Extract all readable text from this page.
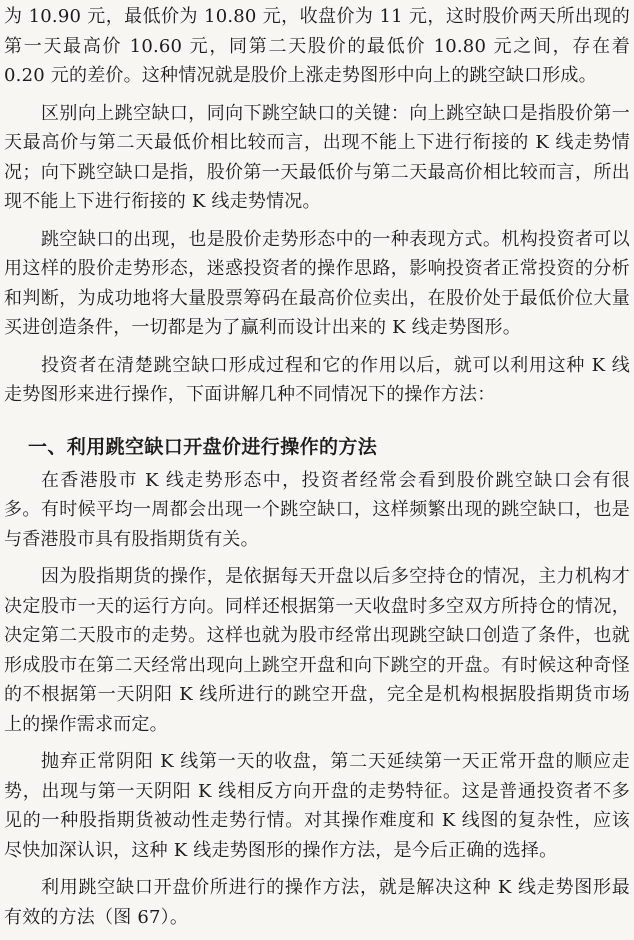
为 10.90 元，最低价为 10.80 元，收盘价为 11 元，这时股价两天所出现的第一天最高价 10.60 元，同第二天股价的最低价 10.80 元之间，存在着 0.20 元的差价。这种情况就是股价上涨走势图形中向上的跳空缺口形成。

区别向上跳空缺口，同向下跳空缺口的关键：向上跳空缺口是指股价第一天最高价与第二天最低价相比较而言，出现不能上下进行衔接的 K 线走势情况；向下跳空缺口是指，股价第一天最低价与第二天最高价相比较而言，所出现不能上下进行衔接的 K 线走势情况。

跳空缺口的出现，也是股价走势形态中的一种表现方式。机构投资者可以用这样的股价走势形态，迷惑投资者的操作思路，影响投资者正常投资的分析和判断，为成功地将大量股票筹码在最高价位卖出，在股价处于最低价位大量买进创造条件，一切都是为了赢利而设计出来的 K 线走势图形。

投资者在清楚跳空缺口形成过程和它的作用以后，就可以利用这种 K 线走势图形来进行操作，下面讲解几种不同情况下的操作方法：

一、利用跳空缺口开盘价进行操作的方法

在香港股市 K 线走势形态中，投资者经常会看到股价跳空缺口会有很多。有时候平均一周都会出现一个跳空缺口，这样频繁出现的跳空缺口，也是与香港股市具有股指期货有关。

因为股指期货的操作，是依据每天开盘以后多空持仓的情况，主力机构才决定股市一天的运行方向。同样还根据第一天收盘时多空双方所持仓的情况，决定第二天股市的走势。这样也就为股市经常出现跳空缺口创造了条件，也就形成股市在第二天经常出现向上跳空开盘和向下跳空的开盘。有时候这种奇怪的不根据第一天阴阳 K 线所进行的跳空开盘，完全是机构根据股指期货市场上的操作需求而定。

抛弃正常阴阳 K 线第一天的收盘，第二天延续第一天正常开盘的顺应走势，出现与第一天阴阳 K 线相反方向开盘的走势特征。这是普通投资者不多见的一种股指期货被动性走势行情。对其操作难度和 K 线图的复杂性，应该尽快加深认识，这种 K 线走势图形的操作方法，是今后正确的选择。

利用跳空缺口开盘价所进行的操作方法，就是解决这种 K 线走势图形最有效的方法（图 67）。
